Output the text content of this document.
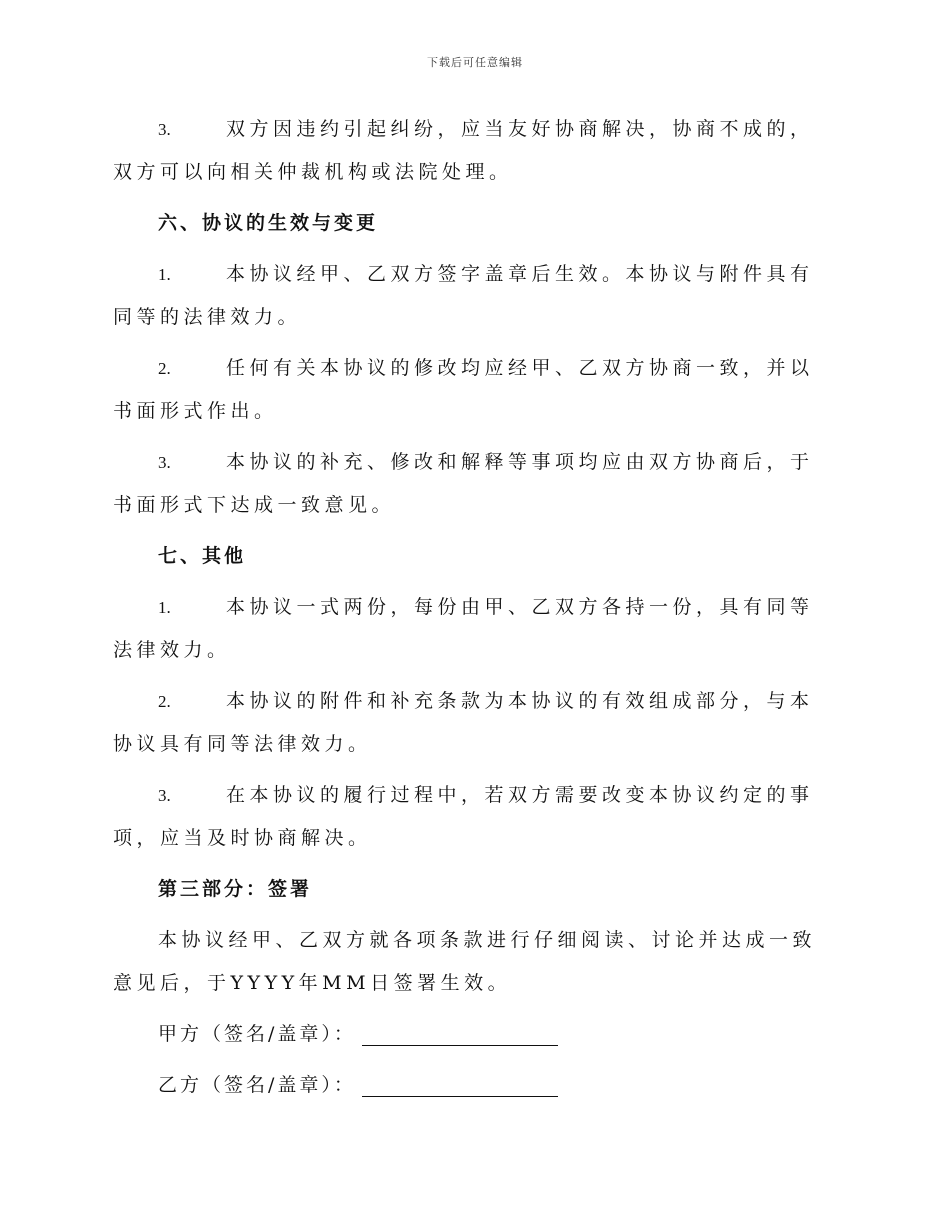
下载后可任意编辑

3.	双方因违约引起纠纷，应当友好协商解决，协商不成的，双方可以向相关仲裁机构或法院处理。

六、协议的生效与变更

1.	本协议经甲、乙双方签字盖章后生效。本协议与附件具有同等的法律效力。

2.	任何有关本协议的修改均应经甲、乙双方协商一致，并以书面形式作出。

3.	本协议的补充、修改和解释等事项均应由双方协商后，于书面形式下达成一致意见。

七、其他

1.	本协议一式两份，每份由甲、乙双方各持一份，具有同等法律效力。

2.	本协议的附件和补充条款为本协议的有效组成部分，与本协议具有同等法律效力。

3.	在本协议的履行过程中，若双方需要改变本协议约定的事项，应当及时协商解决。

第三部分：签署

本协议经甲、乙双方就各项条款进行仔细阅读、讨论并达成一致意见后，于YYYY年MM日签署生效。

甲方（签名/盖章）：
乙方（签名/盖章）：
